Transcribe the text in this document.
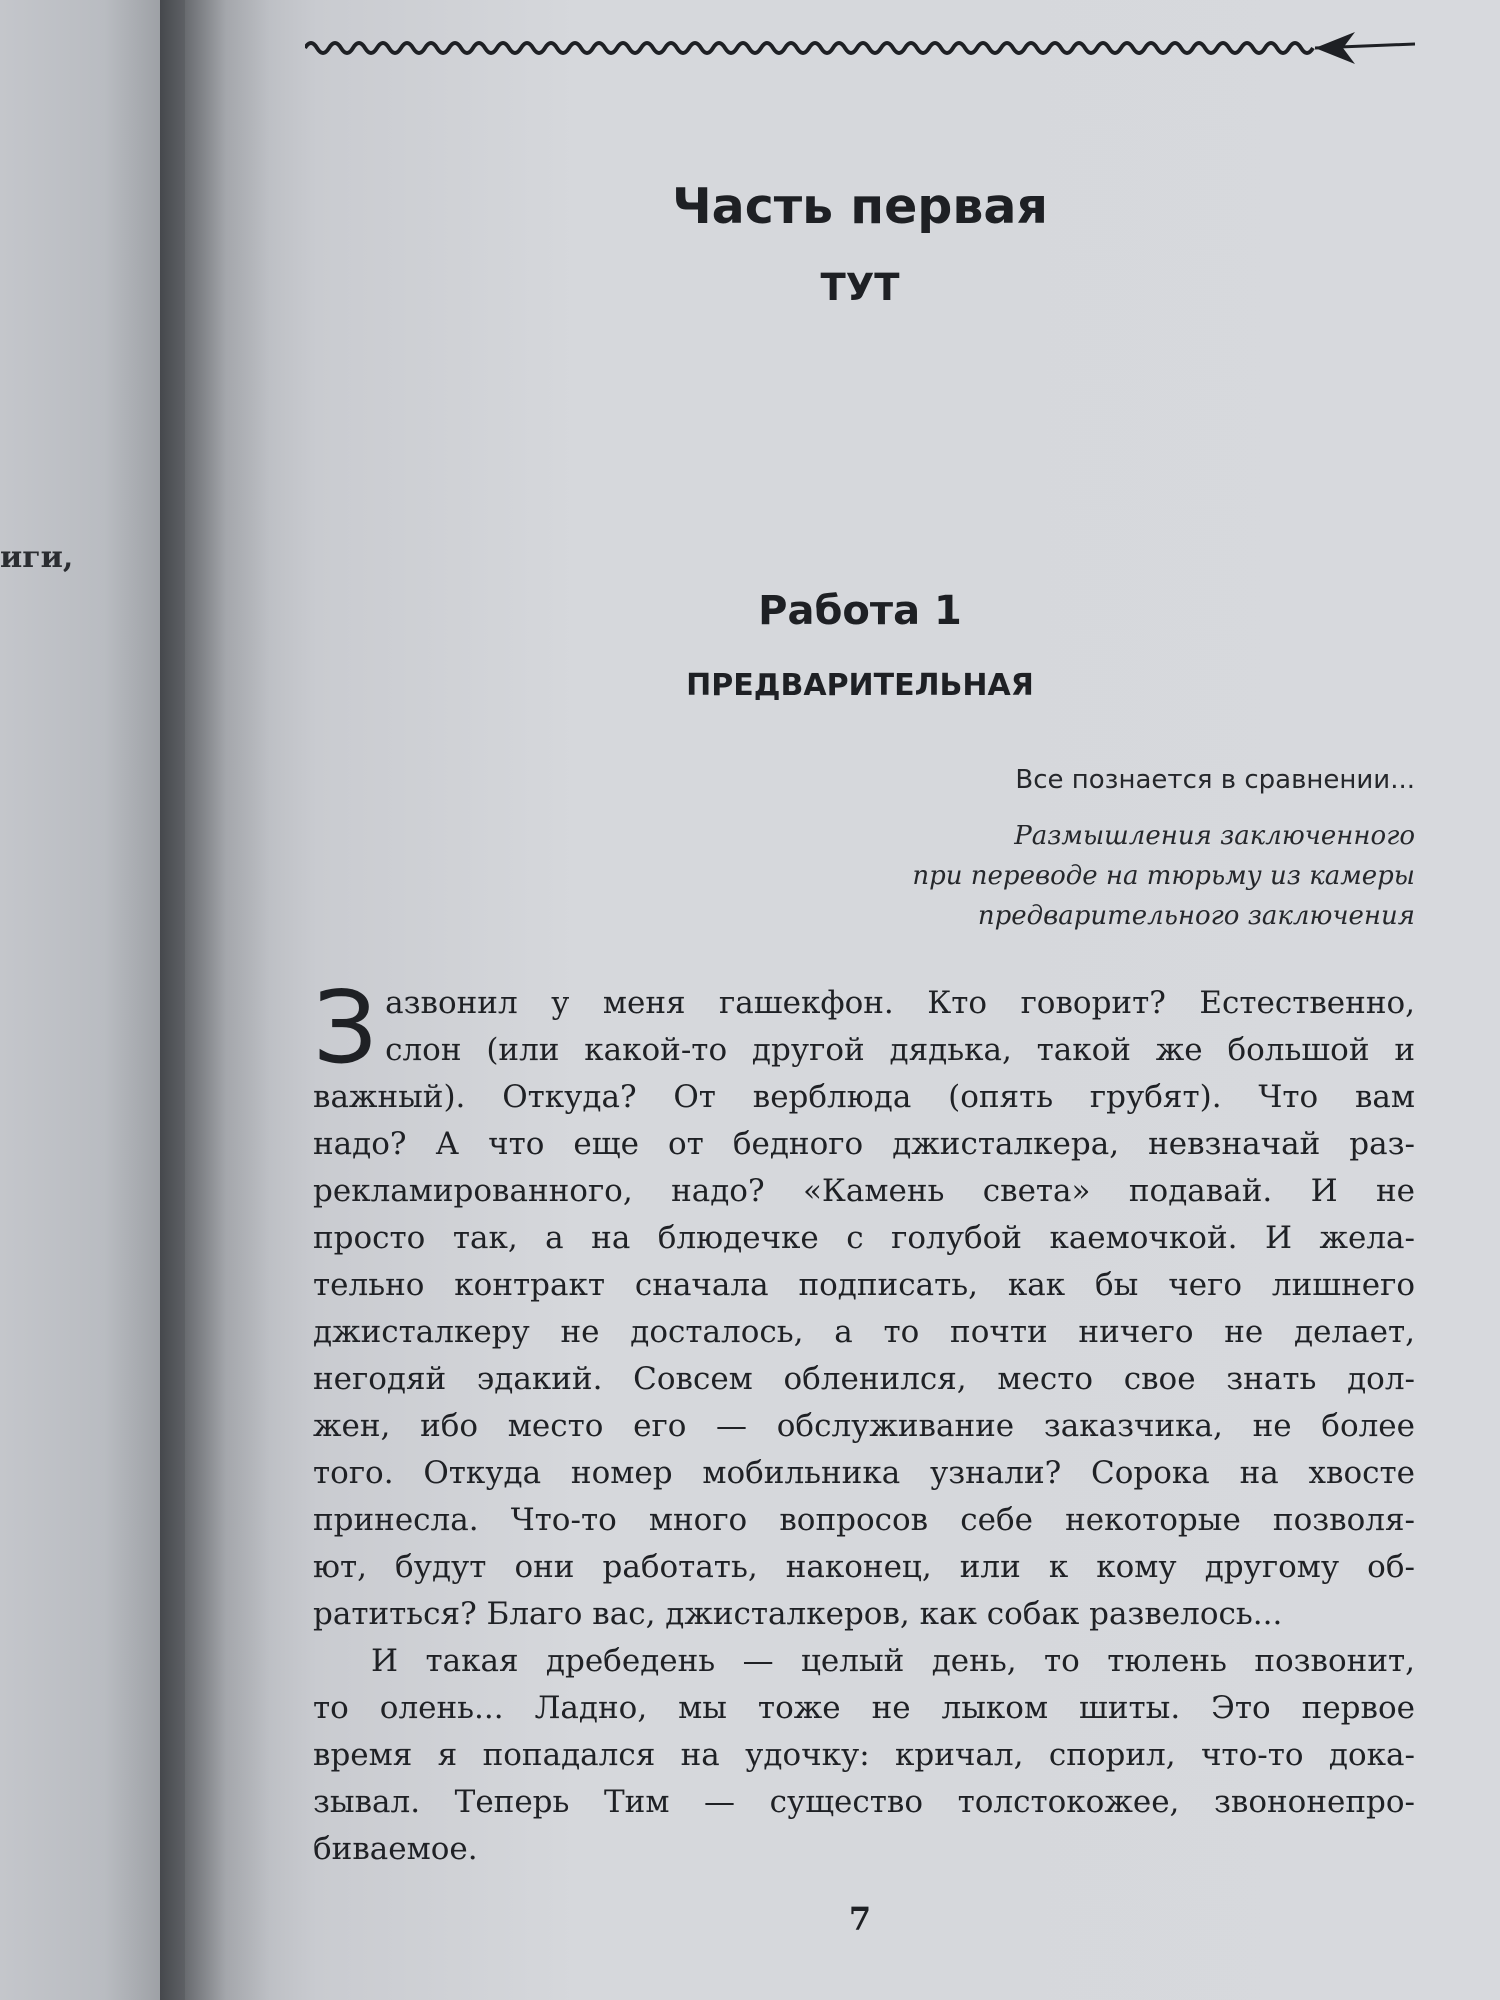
иги,
Часть первая
ТУТ
Работа 1
ПРЕДВАРИТЕЛЬНАЯ
Все познается в сравнении...
Размышления заключенного
при переводе на тюрьму из камеры
предварительного заключения

З азвонил у меня гашекфон. Кто говорит? Естественно,
слон (или какой-то другой дядька, такой же большой и
важный). Откуда? От верблюда (опять грубят). Что вам
надо? А что еще от бедного джисталкера, невзначай раз-
рекламированного, надо? «Камень света» подавай. И не
просто так, а на блюдечке с голубой каемочкой. И жела-
тельно контракт сначала подписать, как бы чего лишнего
джисталкеру не досталось, а то почти ничего не делает,
негодяй эдакий. Совсем обленился, место свое знать дол-
жен, ибо место его — обслуживание заказчика, не более
того. Откуда номер мобильника узнали? Сорока на хвосте
принесла. Что-то много вопросов себе некоторые позволя-
ют, будут они работать, наконец, или к кому другому об-
ратиться? Благо вас, джисталкеров, как собак развелось...

И такая дребедень — целый день, то тюлень позвонит,
то олень... Ладно, мы тоже не лыком шиты. Это первое
время я попадался на удочку: кричал, спорил, что-то дока-
зывал. Теперь Тим — существо толстокожее, звононепро-
биваемое.

7
